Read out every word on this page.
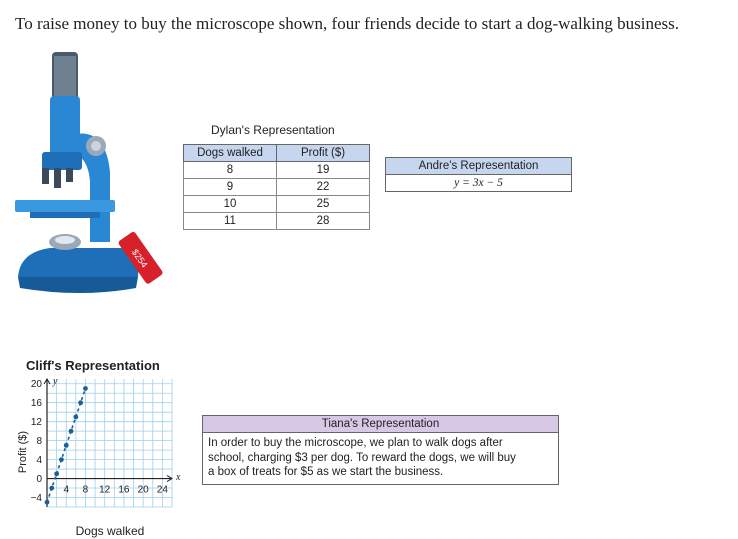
To raise money to buy the microscope shown, four friends decide to start a dog-walking business.
$254
Dylan's Representation
Dogs walked	Profit ($)
8	19
9	22
10	25
11	28
Andre's Representation
y = 3x − 5
Tiana's Representation
In order to buy the microscope, we plan to walk dogs after
school, charging $3 per dog. To reward the dogs, we will buy
a box of treats for $5 as we start the business.
Cliff's Representation
4 8 12 16 20 24
20
16
12
8
4
0
−4
Profit ($)
Dogs walked
x
y
